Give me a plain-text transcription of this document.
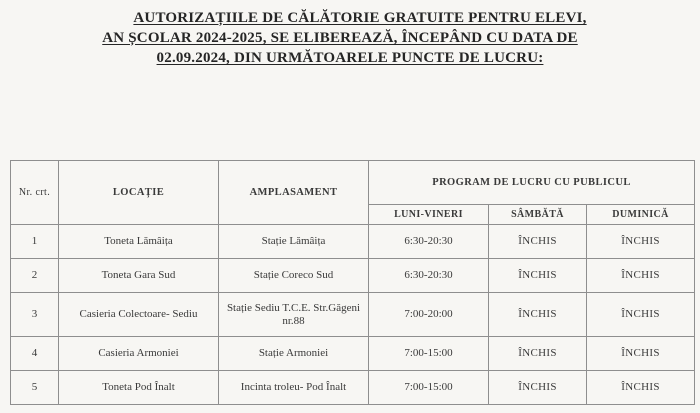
AUTORIZAȚIILE DE CĂLĂTORIE GRATUITE PENTRU ELEVI,
AN ȘCOLAR 2024-2025, SE ELIBEREAZĂ, ÎNCEPÂND CU DATA DE
02.09.2024, DIN URMĂTOARELE PUNCTE DE LUCRU:
Nr. crt.	LOCAȚIE	AMPLASAMENT	PROGRAM DE LUCRU CU PUBLICUL		
			LUNI-VINERI	SÂMBĂTĂ	DUMINICĂ
1	Toneta Lămâița	Stație Lămâița	6:30-20:30	ÎNCHIS	ÎNCHIS
2	Toneta Gara Sud	Stație Coreco Sud	6:30-20:30	ÎNCHIS	ÎNCHIS
3	Casieria Colectoare- Sediu	Stație Sediu T.C.E. Str.Găgeni nr.88	7:00-20:00	ÎNCHIS	ÎNCHIS
4	Casieria Armoniei	Stație Armoniei	7:00-15:00	ÎNCHIS	ÎNCHIS
5	Toneta Pod Înalt	Incinta troleu- Pod Înalt	7:00-15:00	ÎNCHIS	ÎNCHIS
